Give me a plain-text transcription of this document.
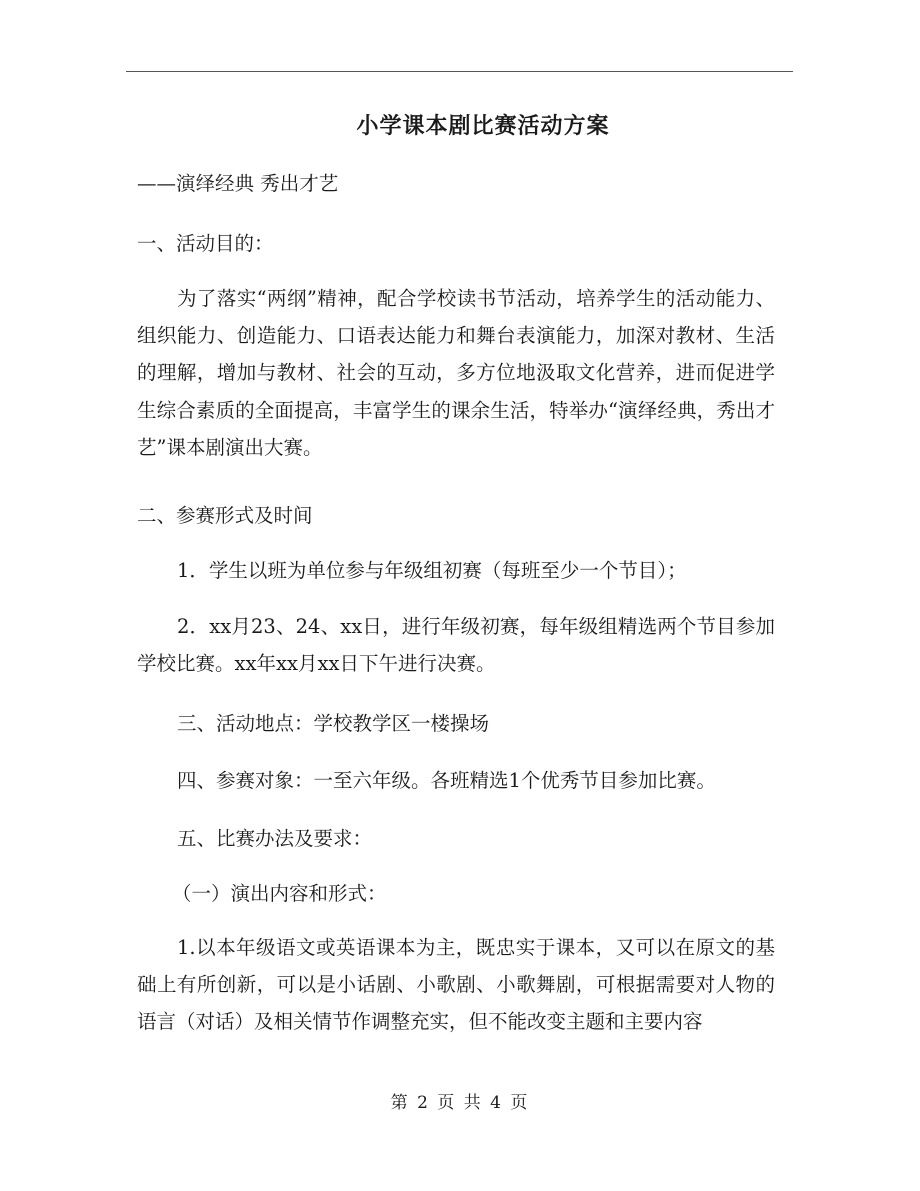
小学课本剧比赛活动方案
——演绎经典 秀出才艺
一、活动目的：
为了落实“两纲”精神，配合学校读书节活动，培养学生的活动能力、组织能力、创造能力、口语表达能力和舞台表演能力，加深对教材、生活的理解，增加与教材、社会的互动，多方位地汲取文化营养，进而促进学生综合素质的全面提高，丰富学生的课余生活，特举办“演绎经典，秀出才艺”课本剧演出大赛。
二、参赛形式及时间
1．学生以班为单位参与年级组初赛（每班至少一个节目）；
2．xx月23、24、xx日，进行年级初赛，每年级组精选两个节目参加学校比赛。xx年xx月xx日下午进行决赛。
三、活动地点：学校教学区一楼操场
四、参赛对象：一至六年级。各班精选1个优秀节目参加比赛。
五、比赛办法及要求：
（一）演出内容和形式：
1.以本年级语文或英语课本为主，既忠实于课本，又可以在原文的基础上有所创新，可以是小话剧、小歌剧、小歌舞剧，可根据需要对人物的语言（对话）及相关情节作调整充实，但不能改变主题和主要内容
第 2 页 共 4 页
